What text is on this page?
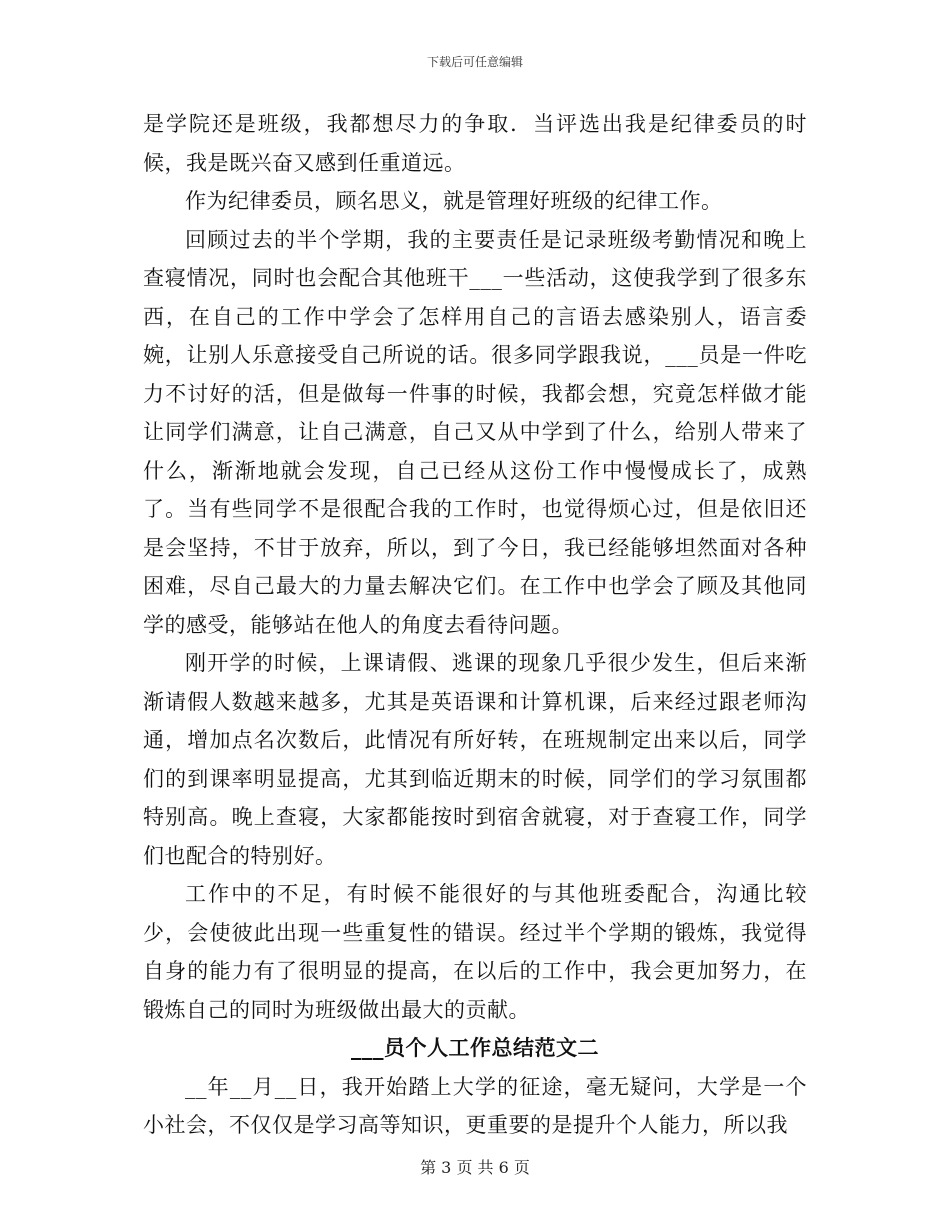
下载后可任意编辑

是学院还是班级，我都想尽力的争取．当评选出我是纪律委员的时候，我是既兴奋又感到任重道远。

作为纪律委员，顾名思义，就是管理好班级的纪律工作。

回顾过去的半个学期，我的主要责任是记录班级考勤情况和晚上查寝情况，同时也会配合其他班干___一些活动，这使我学到了很多东西，在自己的工作中学会了怎样用自己的言语去感染别人，语言委婉，让别人乐意接受自己所说的话。很多同学跟我说，___员是一件吃力不讨好的活，但是做每一件事的时候，我都会想，究竟怎样做才能让同学们满意，让自己满意，自己又从中学到了什么，给别人带来了什么，渐渐地就会发现，自己已经从这份工作中慢慢成长了，成熟了。当有些同学不是很配合我的工作时，也觉得烦心过，但是依旧还是会坚持，不甘于放弃，所以，到了今日，我已经能够坦然面对各种困难，尽自己最大的力量去解决它们。在工作中也学会了顾及其他同学的感受，能够站在他人的角度去看待问题。

刚开学的时候，上课请假、逃课的现象几乎很少发生，但后来渐渐请假人数越来越多，尤其是英语课和计算机课，后来经过跟老师沟通，增加点名次数后，此情况有所好转，在班规制定出来以后，同学们的到课率明显提高，尤其到临近期末的时候，同学们的学习氛围都特别高。晚上查寝，大家都能按时到宿舍就寝，对于查寝工作，同学们也配合的特别好。

工作中的不足，有时候不能很好的与其他班委配合，沟通比较少，会使彼此出现一些重复性的错误。经过半个学期的锻炼，我觉得自身的能力有了很明显的提高，在以后的工作中，我会更加努力，在锻炼自己的同时为班级做出最大的贡献。

___员个人工作总结范文二

__年__月__日，我开始踏上大学的征途，毫无疑问，大学是一个小社会，不仅仅是学习高等知识，更重要的是提升个人能力，所以我

第 3 页 共 6 页
